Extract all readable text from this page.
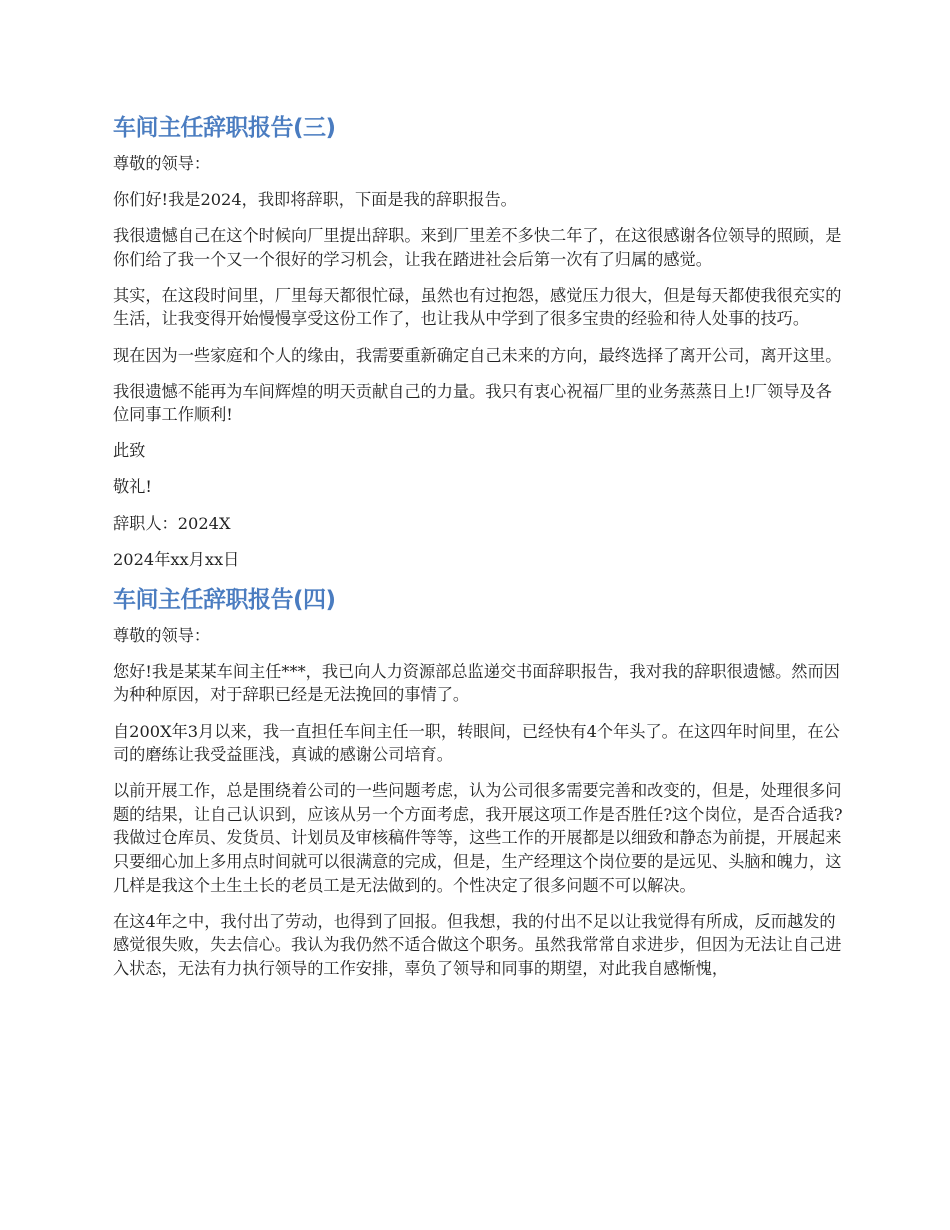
车间主任辞职报告(三)

尊敬的领导：

你们好!我是2024，我即将辞职，下面是我的辞职报告。

我很遗憾自己在这个时候向厂里提出辞职。来到厂里差不多快二年了，在这很感谢各位领导的照顾，是你们给了我一个又一个很好的学习机会，让我在踏进社会后第一次有了归属的感觉。

其实，在这段时间里，厂里每天都很忙碌，虽然也有过抱怨，感觉压力很大，但是每天都使我很充实的生活，让我变得开始慢慢享受这份工作了，也让我从中学到了很多宝贵的经验和待人处事的技巧。

现在因为一些家庭和个人的缘由，我需要重新确定自己未来的方向，最终选择了离开公司，离开这里。

我很遗憾不能再为车间辉煌的明天贡献自己的力量。我只有衷心祝福厂里的业务蒸蒸日上!厂领导及各位同事工作顺利!

此致

敬礼!

辞职人：2024X

2024年xx月xx日

车间主任辞职报告(四)

尊敬的领导：

您好!我是某某车间主任***，我已向人力资源部总监递交书面辞职报告，我对我的辞职很遗憾。然而因为种种原因，对于辞职已经是无法挽回的事情了。

自200X年3月以来，我一直担任车间主任一职，转眼间，已经快有4个年头了。在这四年时间里，在公司的磨练让我受益匪浅，真诚的感谢公司培育。

以前开展工作，总是围绕着公司的一些问题考虑，认为公司很多需要完善和改变的，但是，处理很多问题的结果，让自己认识到，应该从另一个方面考虑，我开展这项工作是否胜任?这个岗位，是否合适我?我做过仓库员、发货员、计划员及审核稿件等等，这些工作的开展都是以细致和静态为前提，开展起来只要细心加上多用点时间就可以很满意的完成，但是，生产经理这个岗位要的是远见、头脑和魄力，这几样是我这个土生土长的老员工是无法做到的。个性决定了很多问题不可以解决。

在这4年之中，我付出了劳动，也得到了回报。但我想，我的付出不足以让我觉得有所成，反而越发的感觉很失败，失去信心。我认为我仍然不适合做这个职务。虽然我常常自求进步，但因为无法让自己进入状态，无法有力执行领导的工作安排，辜负了领导和同事的期望，对此我自感惭愧，
